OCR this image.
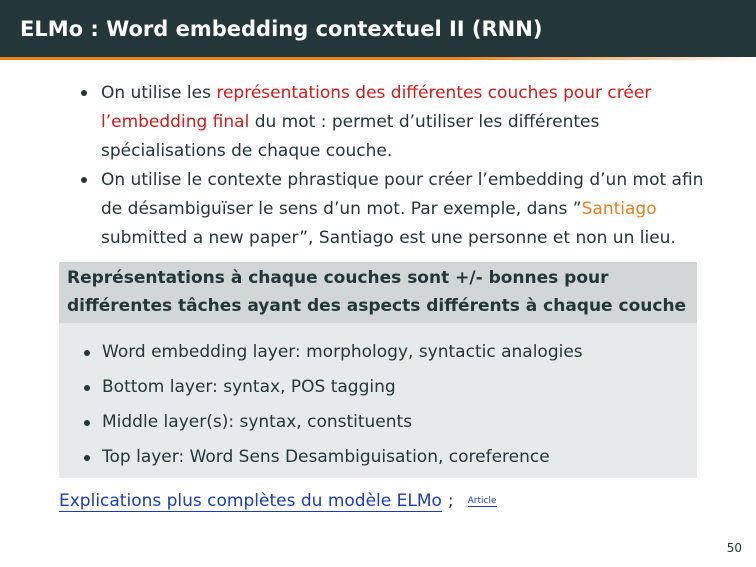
ELMo : Word embedding contextuel II (RNN)
On utilise les représentations des différentes couches pour créer l’embedding final du mot : permet d’utiliser les différentes spécialisations de chaque couche.
On utilise le contexte phrastique pour créer l’embedding d’un mot afin de désambiguïser le sens d’un mot. Par exemple, dans ”Santiago submitted a new paper”, Santiago est une personne et non un lieu.
Représentations à chaque couches sont +/- bonnes pour différentes tâches ayant des aspects différents à chaque couche
Word embedding layer: morphology, syntactic analogies
Bottom layer: syntax, POS tagging
Middle layer(s): syntax, constituents
Top layer: Word Sens Desambiguisation, coreference
Explications plus complètes du modèle ELMo ; Article
50
